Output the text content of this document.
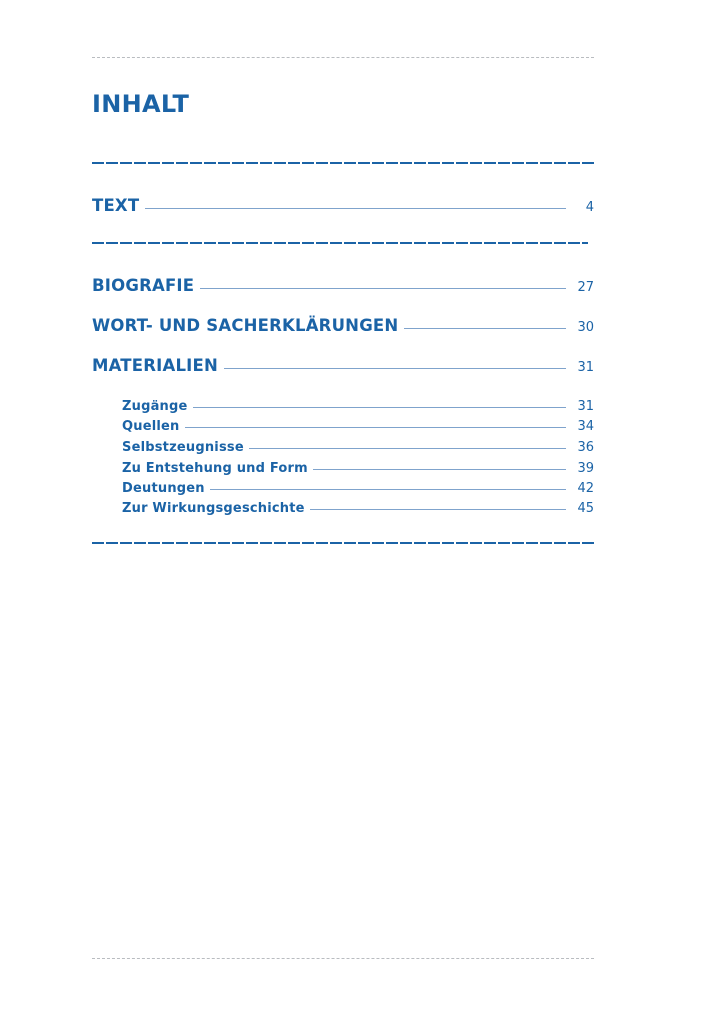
INHALT
TEXT	4
BIOGRAFIE	27
WORT- UND SACHERKLÄRUNGEN	30
MATERIALIEN	31
Zugänge	31
Quellen	34
Selbstzeugnisse	36
Zu Entstehung und Form	39
Deutungen	42
Zur Wirkungsgeschichte	45
